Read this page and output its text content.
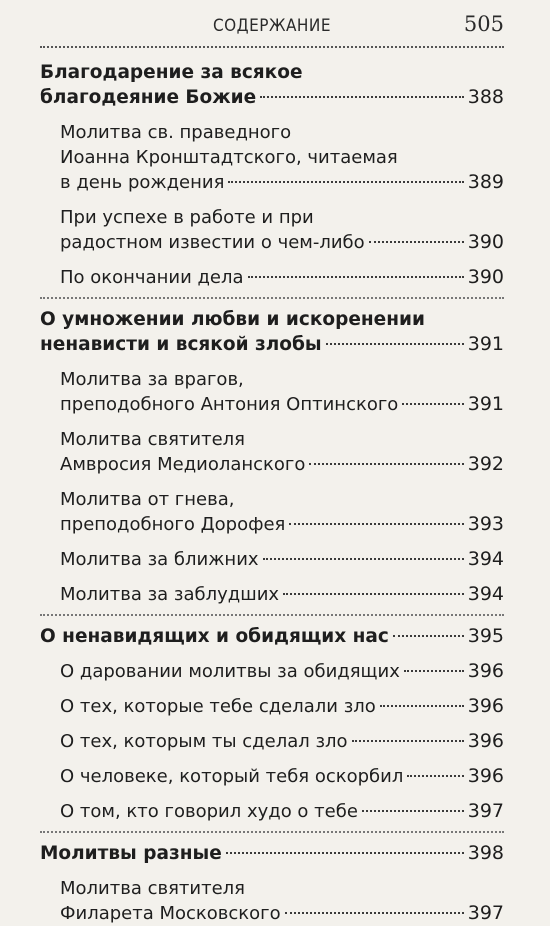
СОДЕРЖАНИЕ	505
Благодарение за всякое
благодеяние Божие	388
Молитва св. праведного
Иоанна Кронштадтского, читаемая
в день рождения	389
При успехе в работе и при
радостном известии о чем-либо	390
По окончании дела	390
О умножении любви и искоренении
ненависти и всякой злобы	391
Молитва за врагов,
преподобного Антония Оптинского	391
Молитва святителя
Амвросия Медиоланского	392
Молитва от гнева,
преподобного Дорофея	393
Молитва за ближних	394
Молитва за заблудших	394
О ненавидящих и обидящих нас	395
О даровании молитвы за обидящих	396
О тех, которые тебе сделали зло	396
О тех, которым ты сделал зло	396
О человеке, который тебя оскорбил	396
О том, кто говорил худо о тебе	397
Молитвы разные	398
Молитва святителя
Филарета Московского	397
